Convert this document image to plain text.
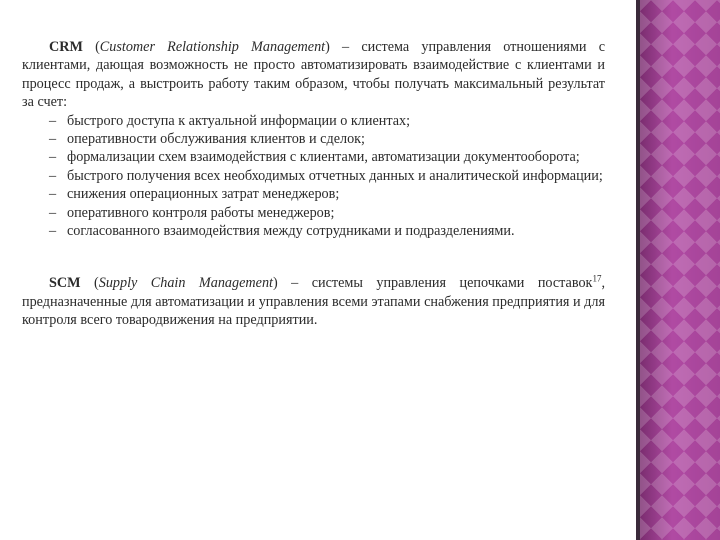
CRM (Customer Relationship Management) – система управления отношениями с клиентами, дающая возможность не просто автоматизировать взаимодействие с клиентами и процесс продаж, а выстроить работу таким образом, чтобы получать максимальный результат за счет:

– быстрого доступа к актуальной информации о клиентах;
– оперативности обслуживания клиентов и сделок;
– формализации схем взаимодействия с клиентами, автоматизации документооборота;
– быстрого получения всех необходимых отчетных данных и аналитической информации;
– снижения операционных затрат менеджеров;
– оперативного контроля работы менеджеров;
– согласованного взаимодействия между сотрудниками и подразделениями.

SCM (Supply Chain Management) – системы управления цепочками поставок$^{17}$, предназначенные для автоматизации и управления всеми этапами снабжения предприятия и для контроля всего товародвижения на предприятии.
